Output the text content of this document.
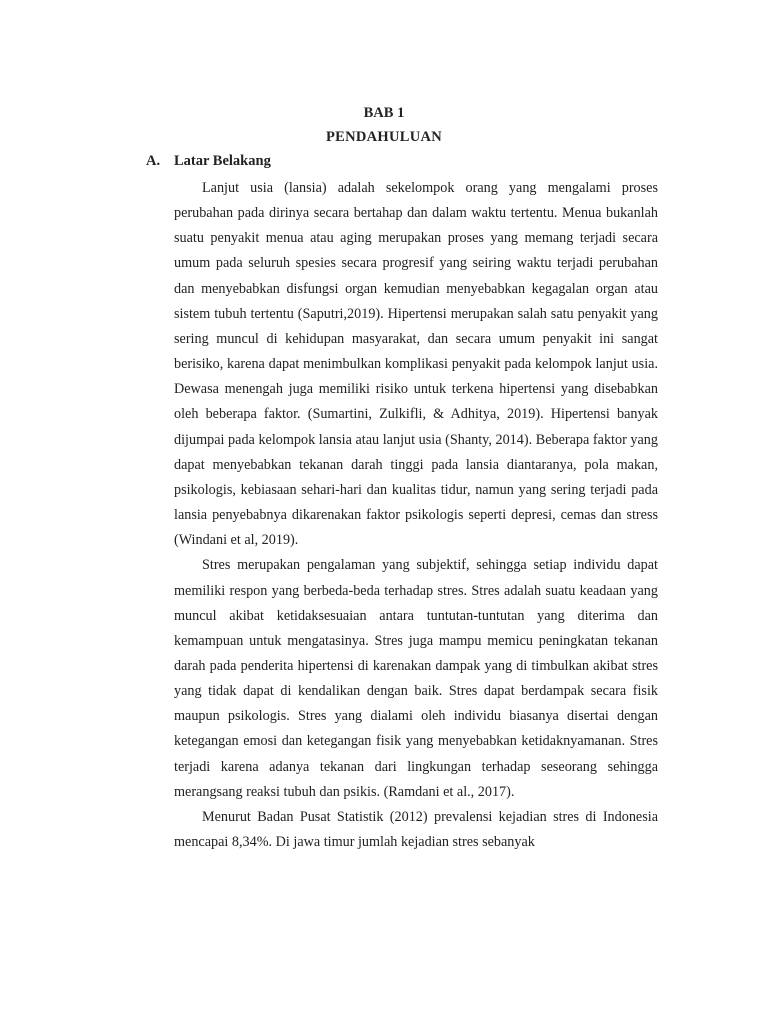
BAB 1
PENDAHULUAN
A. Latar Belakang

Lanjut usia (lansia) adalah sekelompok orang yang mengalami proses perubahan pada dirinya secara bertahap dan dalam waktu tertentu. Menua bukanlah suatu penyakit menua atau aging merupakan proses yang memang terjadi secara umum pada seluruh spesies secara progresif yang seiring waktu terjadi perubahan dan menyebabkan disfungsi organ kemudian menyebabkan kegagalan organ atau sistem tubuh tertentu (Saputri,2019). Hipertensi merupakan salah satu penyakit yang sering muncul di kehidupan masyarakat, dan secara umum penyakit ini sangat berisiko, karena dapat menimbulkan komplikasi penyakit pada kelompok lanjut usia. Dewasa menengah juga memiliki risiko untuk terkena hipertensi yang disebabkan oleh beberapa faktor. (Sumartini, Zulkifli, & Adhitya, 2019). Hipertensi banyak dijumpai pada kelompok lansia atau lanjut usia (Shanty, 2014). Beberapa faktor yang dapat menyebabkan tekanan darah tinggi pada lansia diantaranya, pola makan, psikologis, kebiasaan sehari-hari dan kualitas tidur, namun yang sering terjadi pada lansia penyebabnya dikarenakan faktor psikologis seperti depresi, cemas dan stress (Windani et al, 2019).

Stres merupakan pengalaman yang subjektif, sehingga setiap individu dapat memiliki respon yang berbeda-beda terhadap stres. Stres adalah suatu keadaan yang muncul akibat ketidaksesuaian antara tuntutan-tuntutan yang diterima dan kemampuan untuk mengatasinya. Stres juga mampu memicu peningkatan tekanan darah pada penderita hipertensi di karenakan dampak yang di timbulkan akibat stres yang tidak dapat di kendalikan dengan baik. Stres dapat berdampak secara fisik maupun psikologis. Stres yang dialami oleh individu biasanya disertai dengan ketegangan emosi dan ketegangan fisik yang menyebabkan ketidaknyamanan. Stres terjadi karena adanya tekanan dari lingkungan terhadap seseorang sehingga merangsang reaksi tubuh dan psikis. (Ramdani et al., 2017).

Menurut Badan Pusat Statistik (2012) prevalensi kejadian stres di Indonesia mencapai 8,34%. Di jawa timur jumlah kejadian stres sebanyak
